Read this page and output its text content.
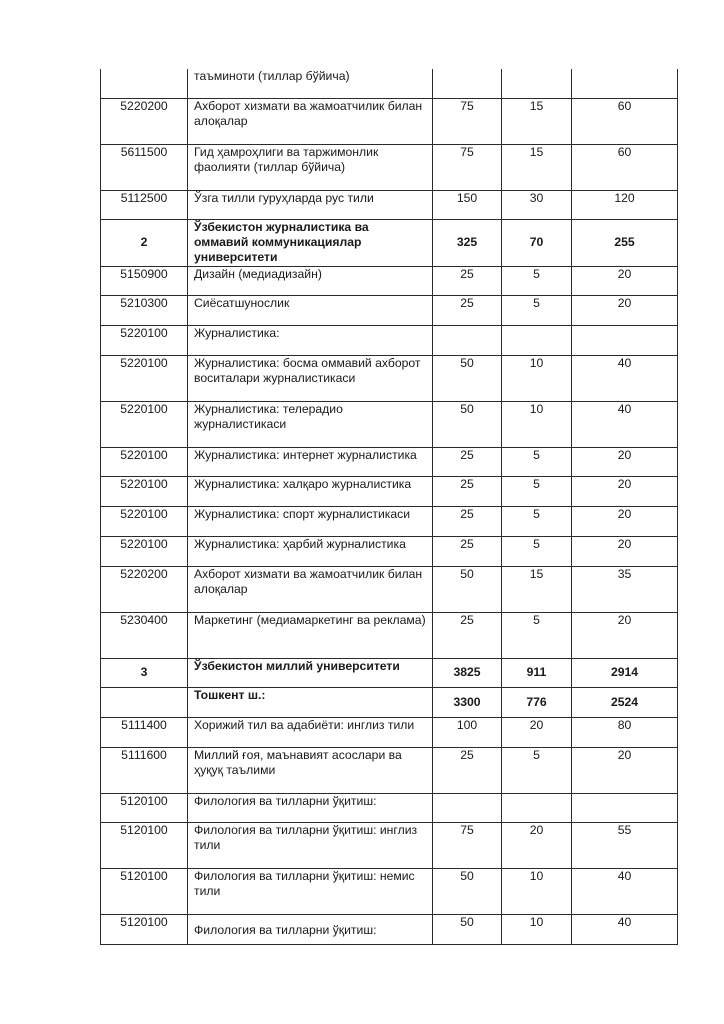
	таъминоти (тиллар бўйича)			
5220200	Ахборот хизмати ва жамоатчилик билан алоқалар	75	15	60
5611500	Гид ҳамроҳлиги ва таржимонлик фаолияти (тиллар бўйича)	75	15	60
5112500	Ўзга тилли гуруҳларда рус тили	150	30	120
2	Ўзбекистон журналистика ва оммавий коммуникациялар университети	325	70	255
5150900	Дизайн (медиадизайн)	25	5	20
5210300	Сиёсатшунослик	25	5	20
5220100	Журналистика:			
5220100	Журналистика: босма оммавий ахборот воситалари журналистикаси	50	10	40
5220100	Журналистика: телерадио журналистикаси	50	10	40
5220100	Журналистика: интернет журналистика	25	5	20
5220100	Журналистика: халқаро журналистика	25	5	20
5220100	Журналистика: спорт журналистикаси	25	5	20
5220100	Журналистика: ҳарбий журналистика	25	5	20
5220200	Ахборот хизмати ва жамоатчилик билан алоқалар	50	15	35
5230400	Маркетинг (медиамаркетинг ва реклама)	25	5	20
3	Ўзбекистон миллий университети	3825	911	2914
	Тошкент ш.:	3300	776	2524
5111400	Хорижий тил ва адабиёти: инглиз тили	100	20	80
5111600	Миллий ғоя, маънавият асослари ва ҳуқуқ таълими	25	5	20
5120100	Филология ва тилларни ўқитиш:			
5120100	Филология ва тилларни ўқитиш: инглиз тили	75	20	55
5120100	Филология ва тилларни ўқитиш: немис тили	50	10	40
5120100	Филология ва тилларни ўқитиш:	50	10	40
